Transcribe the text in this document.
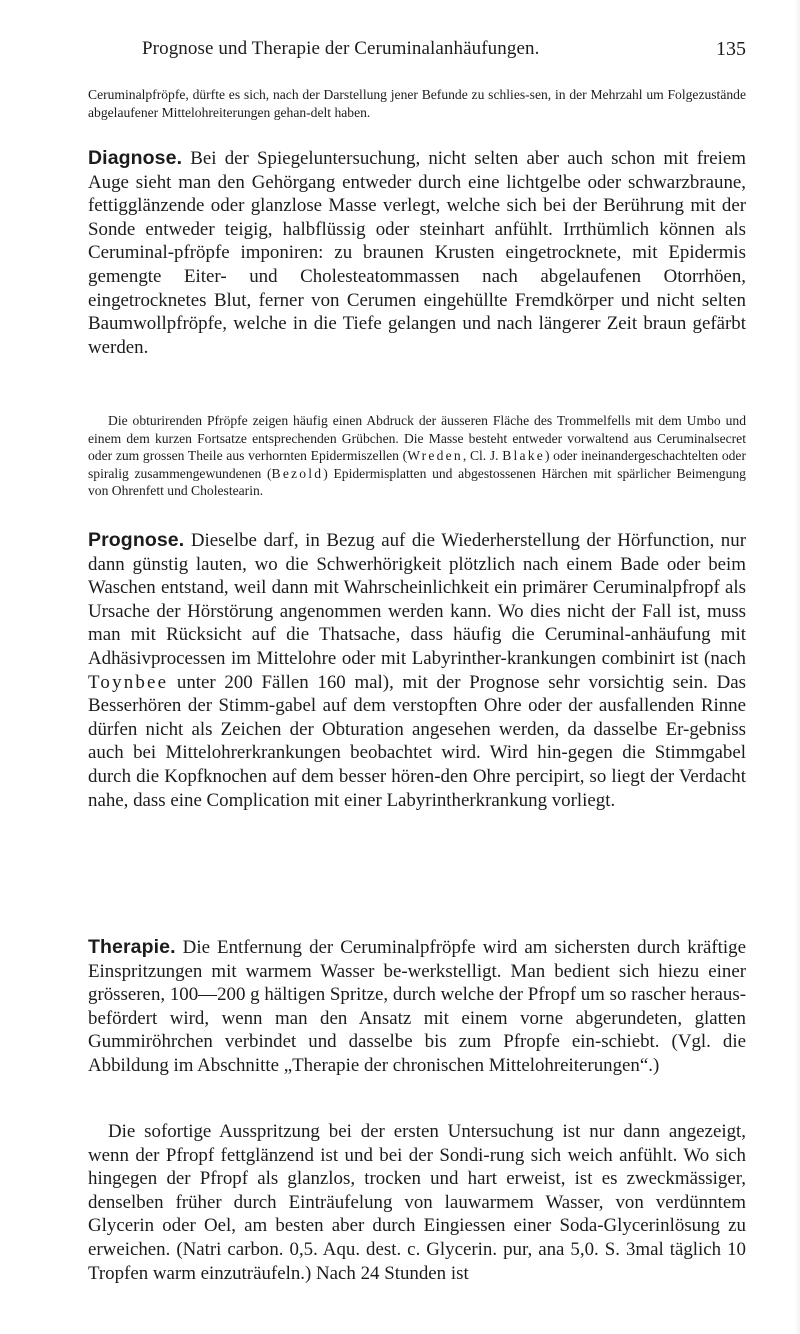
Prognose und Therapie der Ceruminalanhäufungen.	135

Ceruminalpfröpfe, dürfte es sich, nach der Darstellung jener Befunde zu schlies-sen, in der Mehrzahl um Folgezustände abgelaufener Mittelohreiterungen gehan-delt haben.

Diagnose. Bei der Spiegeluntersuchung, nicht selten aber auch schon mit freiem Auge sieht man den Gehörgang entweder durch eine lichtgelbe oder schwarzbraune, fettigglänzende oder glanzlose Masse verlegt, welche sich bei der Berührung mit der Sonde entweder teigig, halbflüssig oder steinhart anfühlt. Irrthümlich können als Ceruminal-pfröpfe imponiren: zu braunen Krusten eingetrocknete, mit Epidermis gemengte Eiter- und Cholesteatommassen nach abgelaufenen Otorrhöen, eingetrocknetes Blut, ferner von Cerumen eingehüllte Fremdkörper und nicht selten Baumwollpfröpfe, welche in die Tiefe gelangen und nach längerer Zeit braun gefärbt werden.

Die obturirenden Pfröpfe zeigen häufig einen Abdruck der äusseren Fläche des Trommelfells mit dem Umbo und einem dem kurzen Fortsatze entsprechenden Grübchen. Die Masse besteht entweder vorwaltend aus Ceruminalsecret oder zum grossen Theile aus verhornten Epidermiszellen (Wreden, Cl. J. Blake) oder ineinandergeschachtelten oder spiralig zusammengewundenen (Bezold) Epidermisplatten und abgestossenen Härchen mit spärlicher Beimengung von Ohrenfett und Cholestearin.

Prognose. Dieselbe darf, in Bezug auf die Wiederherstellung der Hörfunction, nur dann günstig lauten, wo die Schwerhörigkeit plötzlich nach einem Bade oder beim Waschen entstand, weil dann mit Wahrscheinlichkeit ein primärer Ceruminalpfropf als Ursache der Hörstörung angenommen werden kann. Wo dies nicht der Fall ist, muss man mit Rücksicht auf die Thatsache, dass häufig die Ceruminal-anhäufung mit Adhäsivprocessen im Mittelohre oder mit Labyrinther-krankungen combinirt ist (nach Toynbee unter 200 Fällen 160 mal), mit der Prognose sehr vorsichtig sein. Das Besserhören der Stimm-gabel auf dem verstopften Ohre oder der ausfallenden Rinne dürfen nicht als Zeichen der Obturation angesehen werden, da dasselbe Er-gebniss auch bei Mittelohrerkrankungen beobachtet wird. Wird hin-gegen die Stimmgabel durch die Kopfknochen auf dem besser hören-den Ohre percipirt, so liegt der Verdacht nahe, dass eine Complication mit einer Labyrintherkrankung vorliegt.

Therapie. Die Entfernung der Ceruminalpfröpfe wird am sichersten durch kräftige Einspritzungen mit warmem Wasser be-werkstelligt. Man bedient sich hiezu einer grösseren, 100—200 g hältigen Spritze, durch welche der Pfropf um so rascher heraus-befördert wird, wenn man den Ansatz mit einem vorne abgerundeten, glatten Gummiröhrchen verbindet und dasselbe bis zum Pfropfe ein-schiebt. (Vgl. die Abbildung im Abschnitte „Therapie der chronischen Mittelohreiterungen“.)

Die sofortige Ausspritzung bei der ersten Untersuchung ist nur dann angezeigt, wenn der Pfropf fettglänzend ist und bei der Sondi-rung sich weich anfühlt. Wo sich hingegen der Pfropf als glanzlos, trocken und hart erweist, ist es zweckmässiger, denselben früher durch Einträufelung von lauwarmem Wasser, von verdünntem Glycerin oder Oel, am besten aber durch Eingiessen einer Soda-Glycerinlösung zu erweichen. (Natri carbon. 0,5. Aqu. dest. c. Glycerin. pur, ana 5,0. S. 3mal täglich 10 Tropfen warm einzuträufeln.) Nach 24 Stunden ist
